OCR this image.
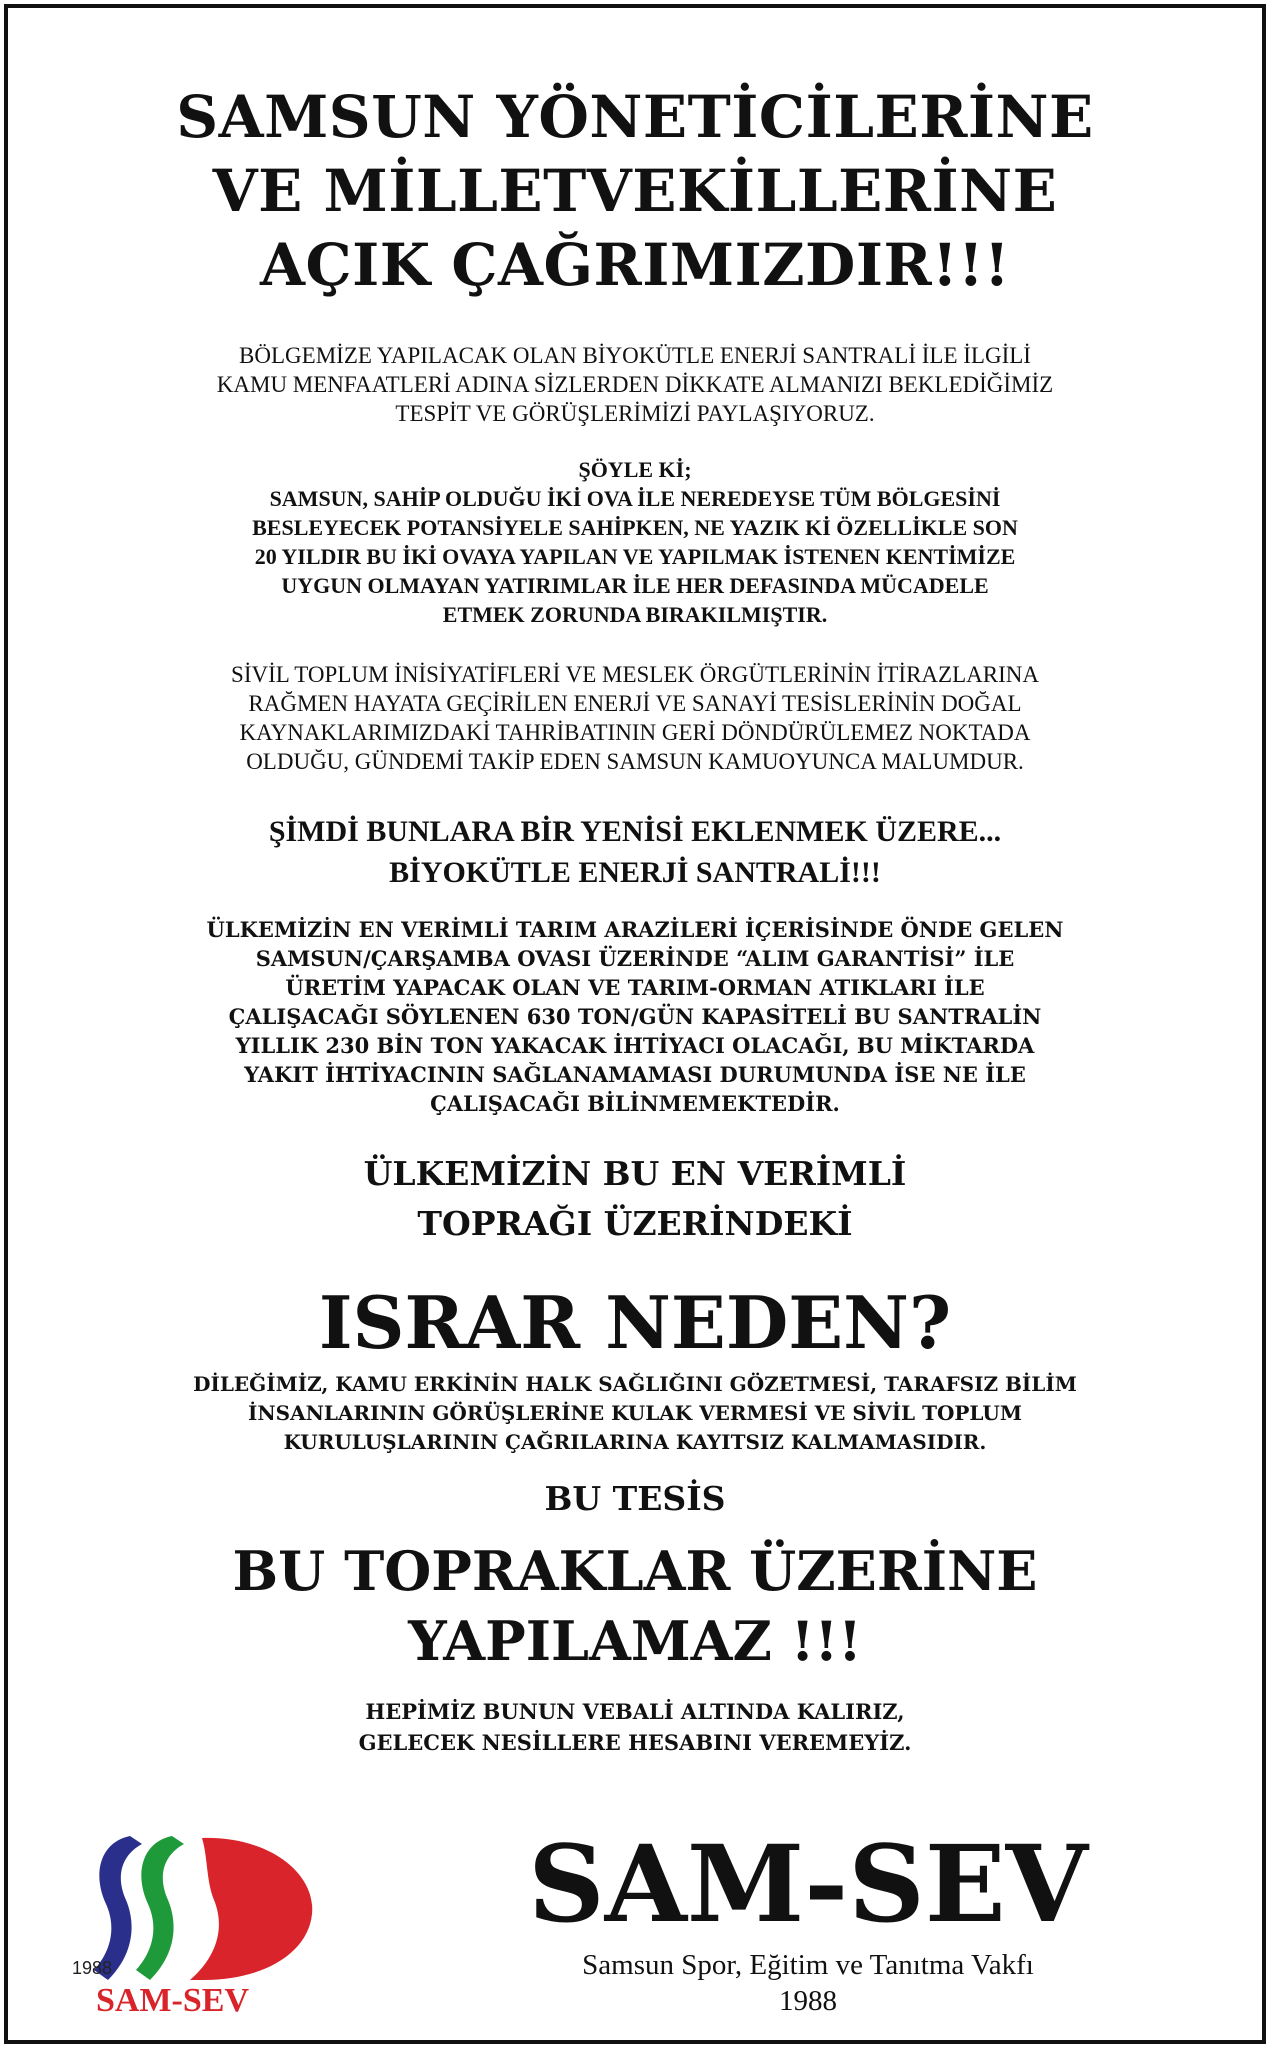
SAMSUN YÖNETİCİLERİNE
VE MİLLETVEKİLLERİNE
AÇIK ÇAĞRIMIZDIR!!!

BÖLGEMİZE YAPILACAK OLAN BİYOKÜTLE ENERJİ SANTRALİ İLE İLGİLİ
KAMU MENFAATLERİ ADINA SİZLERDEN DİKKATE ALMANIZI BEKLEDİĞİMİZ
TESPİT VE GÖRÜŞLERİMİZİ PAYLAŞIYORUZ.

ŞÖYLE Kİ;

SAMSUN, SAHİP OLDUĞU İKİ OVA İLE NEREDEYSE TÜM BÖLGESİNİ
BESLEYECEK POTANSİYELE SAHİPKEN, NE YAZIK Kİ ÖZELLİKLE SON
20 YILDIR BU İKİ OVAYA YAPILAN VE YAPILMAK İSTENEN KENTİMİZE
UYGUN OLMAYAN YATIRIMLAR İLE HER DEFASINDA MÜCADELE
ETMEK ZORUNDA BIRAKILMIŞTIR.

SİVİL TOPLUM İNİSİYATİFLERİ VE MESLEK ÖRGÜTLERİNİN İTİRAZLARINA
RAĞMEN HAYATA GEÇİRİLEN ENERJİ VE SANAYİ TESİSLERİNİN DOĞAL
KAYNAKLARIMIZDAKİ TAHRİBATININ GERİ DÖNDÜRÜLEMEZ NOKTADA
OLDUĞU, GÜNDEMİ TAKİP EDEN SAMSUN KAMUOYUNCA MALUMDUR.

ŞİMDİ BUNLARA BİR YENİSİ EKLENMEK ÜZERE...
BİYOKÜTLE ENERJİ SANTRALİ!!!

ÜLKEMİZİN EN VERİMLİ TARIM ARAZİLERİ İÇERİSİNDE ÖNDE GELEN
SAMSUN/ÇARŞAMBA OVASI ÜZERİNDE “ALIM GARANTİSİ” İLE
ÜRETİM YAPACAK OLAN VE TARIM-ORMAN ATIKLARI İLE
ÇALIŞACAĞI SÖYLENEN 630 TON/GÜN KAPASİTELİ BU SANTRALİN
YILLIK 230 BİN TON YAKACAK İHTİYACI OLACAĞI, BU MİKTARDA
YAKIT İHTİYACININ SAĞLANAMAMASI DURUMUNDA İSE NE İLE
ÇALIŞACAĞI BİLİNMEMEKTEDİR.

ÜLKEMİZİN BU EN VERİMLİ
TOPRAĞI ÜZERİNDEKİ
ISRAR NEDEN?

DİLEĞİMİZ, KAMU ERKİNİN HALK SAĞLIĞINI GÖZETMESİ, TARAFSIZ BİLİM
İNSANLARININ GÖRÜŞLERİNE KULAK VERMESİ VE SİVİL TOPLUM
KURULUŞLARININ ÇAĞRILARINA KAYITSIZ KALMAMASIDIR.

BU TESİS
BU TOPRAKLAR ÜZERİNE
YAPILAMAZ !!!

HEPİMİZ BUNUN VEBALİ ALTINDA KALIRIZ,
GELECEK NESİLLERE HESABINI VEREMEYİZ.

1988
SAM-SEV
SAM-SEV
Samsun Spor, Eğitim ve Tanıtma Vakfı
1988
